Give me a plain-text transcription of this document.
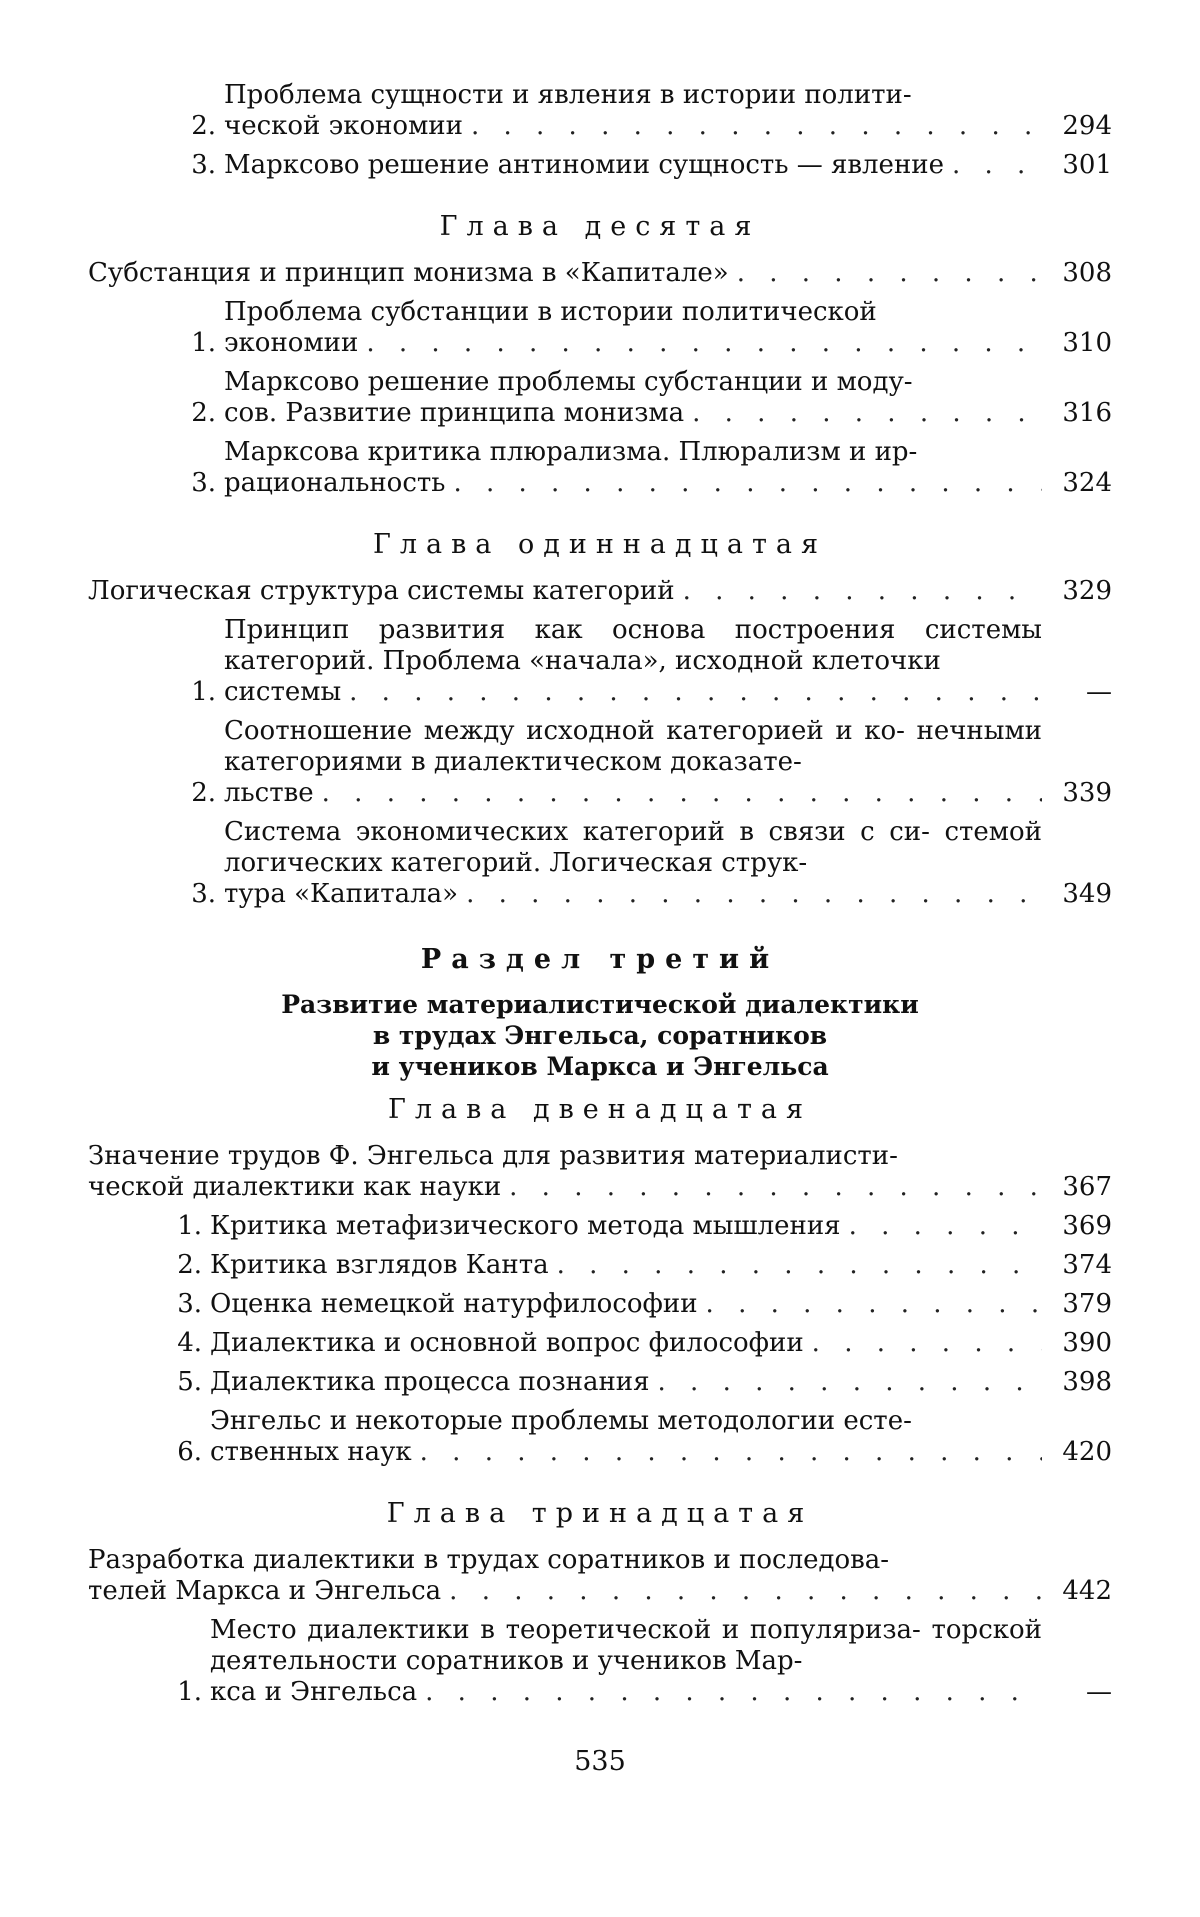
2.
Проблема сущности и явления в истории полити-
ческой экономии . . .	294
3. Марксово решение антиномии сущность — явление . . .	301
Глава десятая
Субстанция и принцип монизма в «Капитале» . . .	308
1.
Проблема субстанции в истории политической
экономии . . .	310
2.
Марксово решение проблемы субстанции и моду-
сов. Развитие принципа монизма . . .	316
3.
Марксова критика плюрализма. Плюрализм и ир-
рациональность . . .	324
Глава одиннадцатая
Логическая структура системы категорий . . .	329
1.
Принцип развития как основа построения системы категорий. Проблема «начала», исходной клеточки
системы . . .	—
2.
Соотношение между исходной категорией и ко- нечными категориями в диалектическом доказате-
льстве . . .	339
3.
Система экономических категорий в связи с си- стемой логических категорий. Логическая струк-
тура «Капитала» . . .	349
Раздел третий
Развитие материалистической диалектики
в трудах Энгельса, соратников
и учеников Маркса и Энгельса
Глава двенадцатая
Значение трудов Ф. Энгельса для развития материалисти-
ческой диалектики как науки . . .	367
1. Критика метафизического метода мышления . . .	369
2. Критика взглядов Канта . . .	374
3. Оценка немецкой натурфилософии . . .	379
4. Диалектика и основной вопрос философии . . .	390
5. Диалектика процесса познания . . .	398
6.
Энгельс и некоторые проблемы методологии есте-
ственных наук . . .	420
Глава тринадцатая
Разработка диалектики в трудах соратников и последова-
телей Маркса и Энгельса . . .	442
1.
Место диалектики в теоретической и популяриза- торской деятельности соратников и учеников Мар-
кса и Энгельса . . .	—
535
